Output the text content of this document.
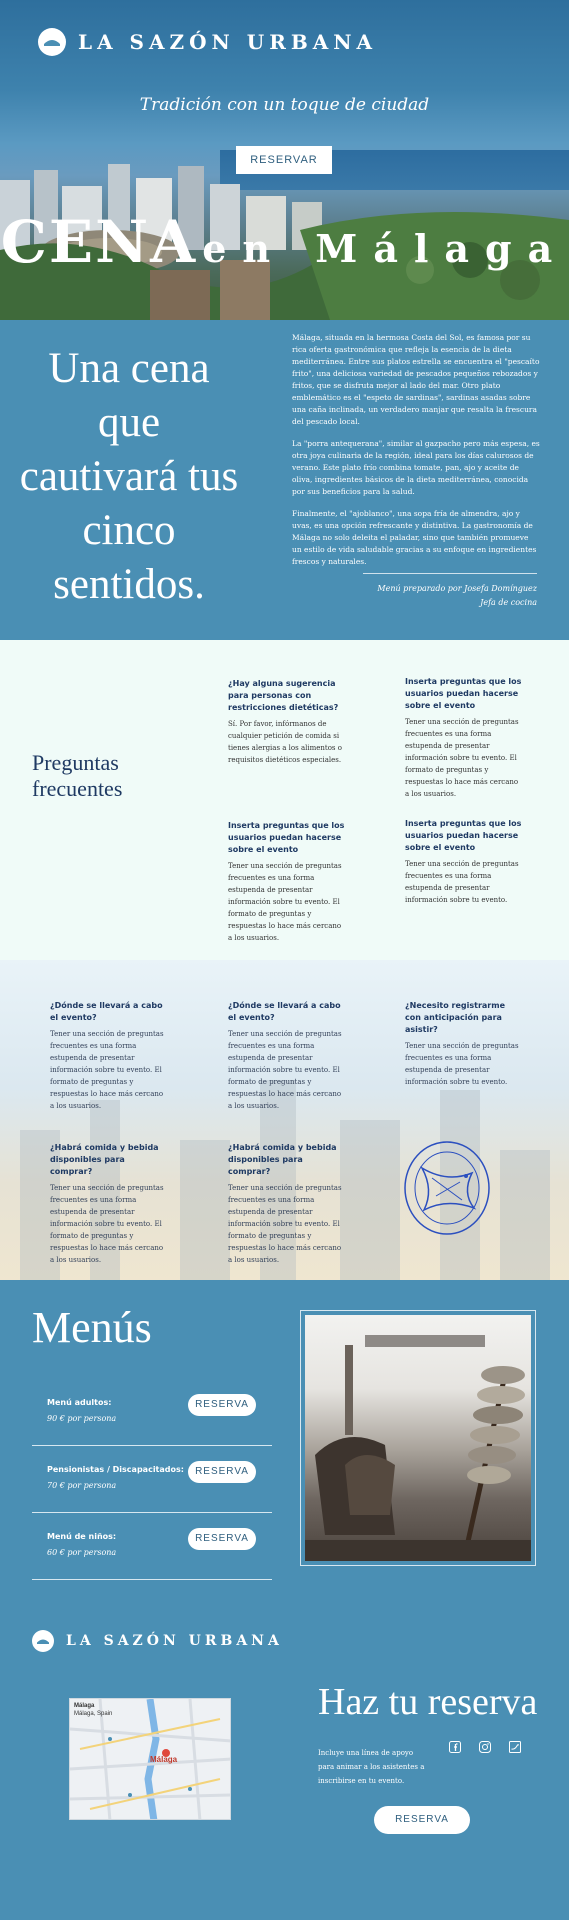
LA SAZÓN URBANA
Tradición con un toque de ciudad
RESERVAR
CENA en Málaga
Una cena que cautivará tus cinco sentidos.

Málaga, situada en la hermosa Costa del Sol, es famosa por su rica oferta gastronómica que refleja la esencia de la dieta mediterránea. Entre sus platos estrella se encuentra el "pescaíto frito", una deliciosa variedad de pescados pequeños rebozados y fritos, que se disfruta mejor al lado del mar. Otro plato emblemático es el "espeto de sardinas", sardinas asadas sobre una caña inclinada, un verdadero manjar que resalta la frescura del pescado local.

La "porra antequerana", similar al gazpacho pero más espesa, es otra joya culinaria de la región, ideal para los días calurosos de verano. Este plato frío combina tomate, pan, ajo y aceite de oliva, ingredientes básicos de la dieta mediterránea, conocida por sus beneficios para la salud.

Finalmente, el "ajoblanco", una sopa fría de almendra, ajo y uvas, es una opción refrescante y distintiva. La gastronomía de Málaga no solo deleita el paladar, sino que también promueve un estilo de vida saludable gracias a su enfoque en ingredientes frescos y naturales.

Menú preparado por Josefa Domínguez
Jefa de cocina
Preguntas frecuentes
¿Hay alguna sugerencia para personas con restricciones dietéticas?
Sí. Por favor, infórmanos de cualquier petición de comida si tienes alergias a los alimentos o requisitos dietéticos especiales.
Inserta preguntas que los usuarios puedan hacerse sobre el evento
Tener una sección de preguntas frecuentes es una forma estupenda de presentar información sobre tu evento. El formato de preguntas y respuestas lo hace más cercano a los usuarios.
Inserta preguntas que los usuarios puedan hacerse sobre el evento
Tener una sección de preguntas frecuentes es una forma estupenda de presentar información sobre tu evento. El formato de preguntas y respuestas lo hace más cercano a los usuarios.
Inserta preguntas que los usuarios puedan hacerse sobre el evento
Tener una sección de preguntas frecuentes es una forma estupenda de presentar información sobre tu evento.
¿Dónde se llevará a cabo el evento?
Tener una sección de preguntas frecuentes es una forma estupenda de presentar información sobre tu evento. El formato de preguntas y respuestas lo hace más cercano a los usuarios.
¿Dónde se llevará a cabo el evento?
Tener una sección de preguntas frecuentes es una forma estupenda de presentar información sobre tu evento. El formato de preguntas y respuestas lo hace más cercano a los usuarios.
¿Necesito registrarme con anticipación para asistir?
Tener una sección de preguntas frecuentes es una forma estupenda de presentar información sobre tu evento.
¿Habrá comida y bebida disponibles para comprar?
Tener una sección de preguntas frecuentes es una forma estupenda de presentar información sobre tu evento. El formato de preguntas y respuestas lo hace más cercano a los usuarios.
¿Habrá comida y bebida disponibles para comprar?
Tener una sección de preguntas frecuentes es una forma estupenda de presentar información sobre tu evento. El formato de preguntas y respuestas lo hace más cercano a los usuarios.
Menús
Menú adultos:
90 € por persona
RESERVA
Pensionistas / Discapacitados:
70 € por persona
RESERVA
Menú de niños:
60 € por persona
RESERVA
LA SAZÓN URBANA
Málaga
Málaga, Spain
Málaga
Haz tu reserva
Incluye una línea de apoyo para animar a los asistentes a inscribirse en tu evento.
RESERVA
